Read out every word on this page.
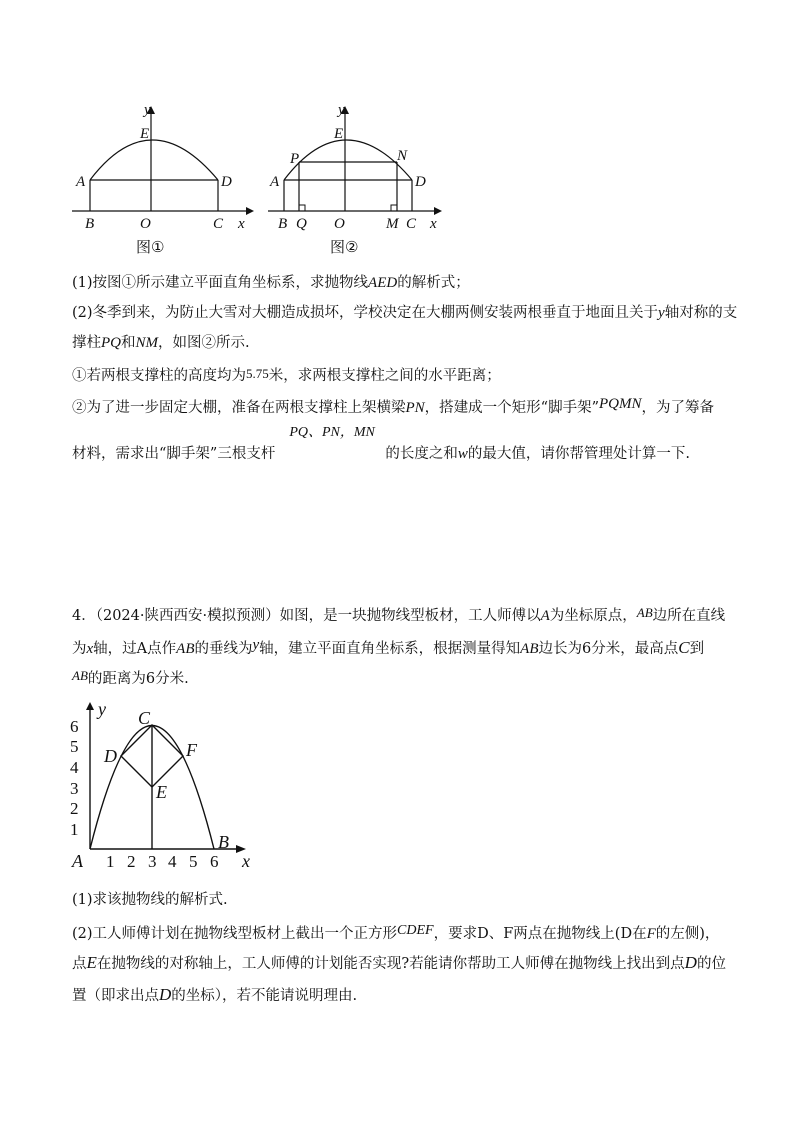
y
E
A	D
B	O	C x
图①
y
E
P	N
A	D
B Q O	M C x
图②
(1)按图①所示建立平面直角坐标系，求抛物线AED的解析式；
(2)冬季到来，为防止大雪对大棚造成损坏，学校决定在大棚两侧安装两根垂直于地面且关于y轴对称的支
撑柱PQ和NM，如图②所示.
①若两根支撑柱的高度均为5.75米，求两根支撑柱之间的水平距离；
②为了进一步固定大棚，准备在两根支撑柱上架横梁PN，搭建成一个矩形“脚手架”PQMN，为了筹备
材料，需求出“脚手架”三根支杆PQ、PN，MN的长度之和w的最大值，请你帮管理处计算一下.
4．（2024·陕西西安·模拟预测）如图，是一块抛物线型板材，工人师傅以A为坐标原点，AB边所在直线
为x轴，过A点作AB的垂线为y轴，建立平面直角坐标系，根据测量得知AB边长为6分米，最高点C到
AB的距离为6分米.
1
2
3
4
5
6
1 2 3 4 5 6
y
x
A
B
C
D
E
F
(1)求该抛物线的解析式.
(2)工人师傅计划在抛物线型板材上截出一个正方形CDEF，要求D、F两点在抛物线上(D在F的左侧)，
点E在抛物线的对称轴上，工人师傅的计划能否实现?若能请你帮助工人师傅在抛物线上找出到点D的位
置（即求出点D的坐标），若不能请说明理由.
